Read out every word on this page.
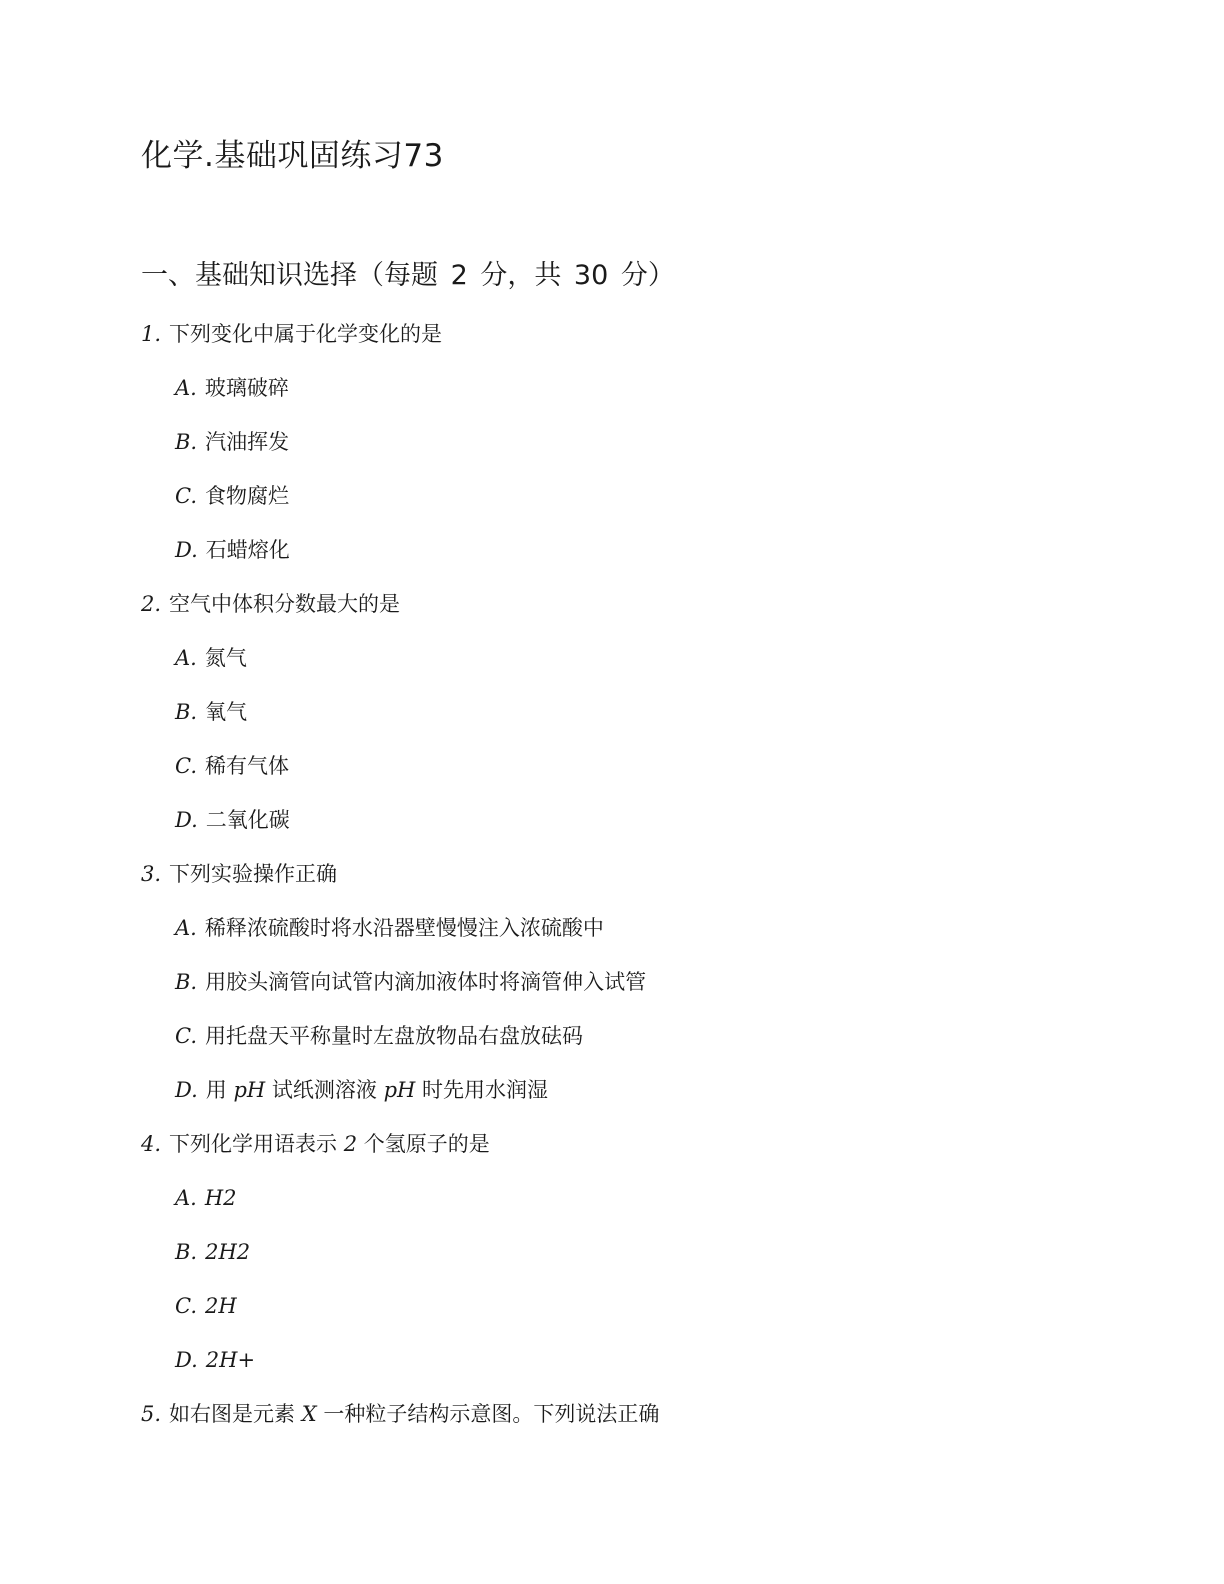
化学.基础巩固练习73
一、基础知识选择（每题 2 分，共 30 分）
1. 下列变化中属于化学变化的是
A. 玻璃破碎
B. 汽油挥发
C. 食物腐烂
D. 石蜡熔化
2. 空气中体积分数最大的是
A. 氮气
B. 氧气
C. 稀有气体
D. 二氧化碳
3. 下列实验操作正确
A. 稀释浓硫酸时将水沿器壁慢慢注入浓硫酸中
B. 用胶头滴管向试管内滴加液体时将滴管伸入试管
C. 用托盘天平称量时左盘放物品右盘放砝码
D. 用 pH 试纸测溶液 pH 时先用水润湿
4. 下列化学用语表示 2 个氢原子的是
A. H2
B. 2H2
C. 2H
D. 2H+
5. 如右图是元素 X 一种粒子结构示意图。下列说法正确
